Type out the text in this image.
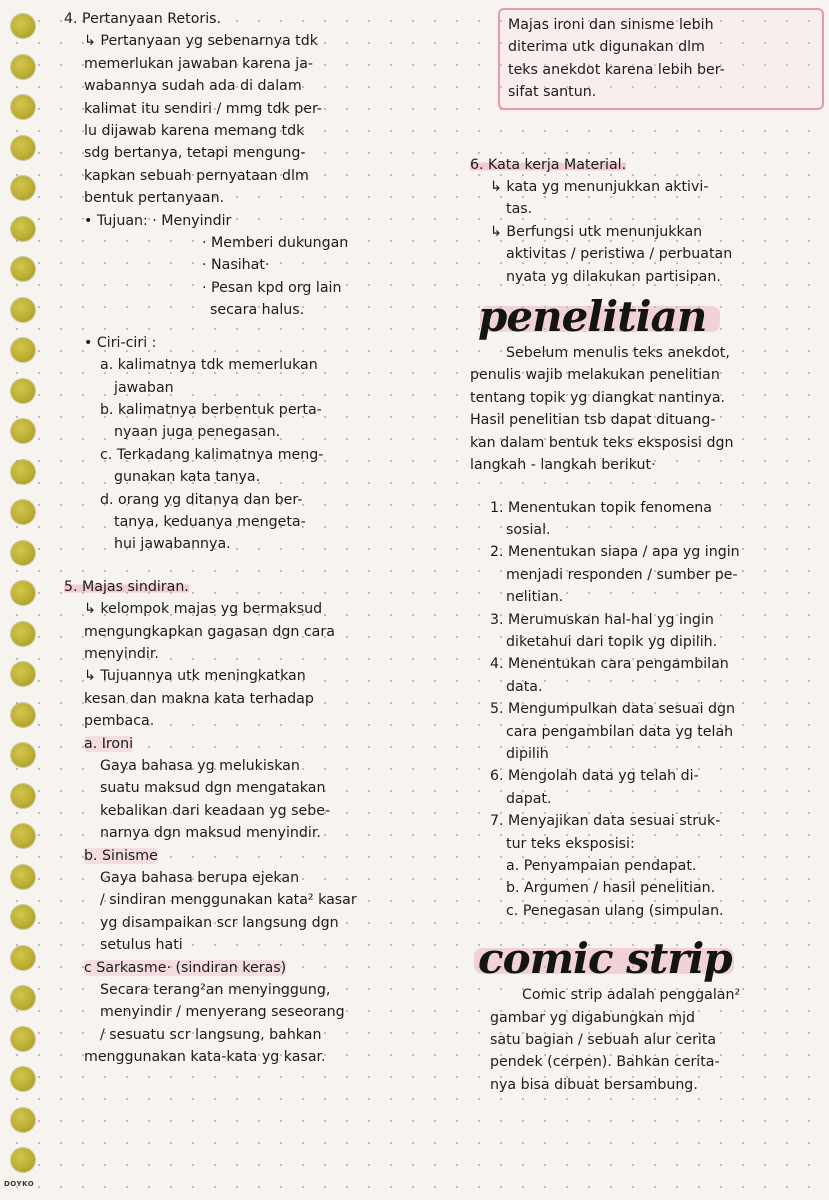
DOYKO
4. Pertanyaan Retoris.
↳ Pertanyaan yg sebenarnya tdk
memerlukan jawaban karena ja-
wabannya sudah ada di dalam
kalimat itu sendiri / mmg tdk per-
lu dijawab karena memang tdk
sdg bertanya, tetapi mengung-
kapkan sebuah pernyataan dlm
bentuk pertanyaan.
• Tujuan: · Menyindir
· Memberi dukungan
· Nasihat·
· Pesan kpd org lain
secara halus.
• Ciri-ciri :
a. kalimatnya tdk memerlukan
jawaban
b. kalimatnya berbentuk perta-
nyaan juga penegasan.
c. Terkadang kalimatnya meng-
gunakan kata tanya.
d. orang yg ditanya dan ber-
tanya, keduanya mengeta-
hui jawabannya.
5. Majas sindiran.
↳ kelompok majas yg bermaksud
mengungkapkan gagasan dgn cara
menyindir.
↳ Tujuannya utk meningkatkan
kesan dan makna kata terhadap
pembaca.
a. Ironi
Gaya bahasa yg melukiskan
suatu maksud dgn mengatakan
kebalikan dari keadaan yg sebe-
narnya dgn maksud menyindir.
b. Sinisme
Gaya bahasa berupa ejekan
/ sindiran menggunakan kata² kasar
yg disampaikan scr langsung dgn
setulus hati
c Sarkasme· (sindiran keras)
Secara terang²an menyinggung,
menyindir / menyerang seseorang
/ sesuatu scr langsung, bahkan
menggunakan kata-kata yg kasar.
Majas ironi dan sinisme lebih
diterima utk digunakan dlm
teks anekdot karena lebih ber-
sifat santun.
6. Kata kerja Material.
↳ kata yg menunjukkan aktivi-
tas.
↳ Berfungsi utk menunjukkan
aktivitas / peristiwa / perbuatan
nyata yg dilakukan partisipan.
penelitian
Sebelum menulis teks anekdot,
penulis wajib melakukan penelitian
tentang topik yg diangkat nantinya.
Hasil penelitian tsb dapat dituang-
kan dalam bentuk teks eksposisi dgn
langkah - langkah berikut·
1. Menentukan topik fenomena
sosial.
2. Menentukan siapa / apa yg ingin
menjadi responden / sumber pe-
nelitian.
3. Merumuskan hal-hal yg ingin
diketahui dari topik yg dipilih.
4. Menentukan cara pengambilan
data.
5. Mengumpulkan data sesuai dgn
cara pengambilan data yg telah
dipilih
6. Mengolah data yg telah di-
dapat.
7. Menyajikan data sesuai struk-
tur teks eksposisi:
a. Penyampaian pendapat.
b. Argumen / hasil penelitian.
c. Penegasan ulang (simpulan.
comic strip
Comic strip adalah penggalan²
gambar yg digabungkan mjd
satu bagian / sebuah alur cerita
pendek (cerpen). Bahkan cerita-
nya bisa dibuat bersambung.
